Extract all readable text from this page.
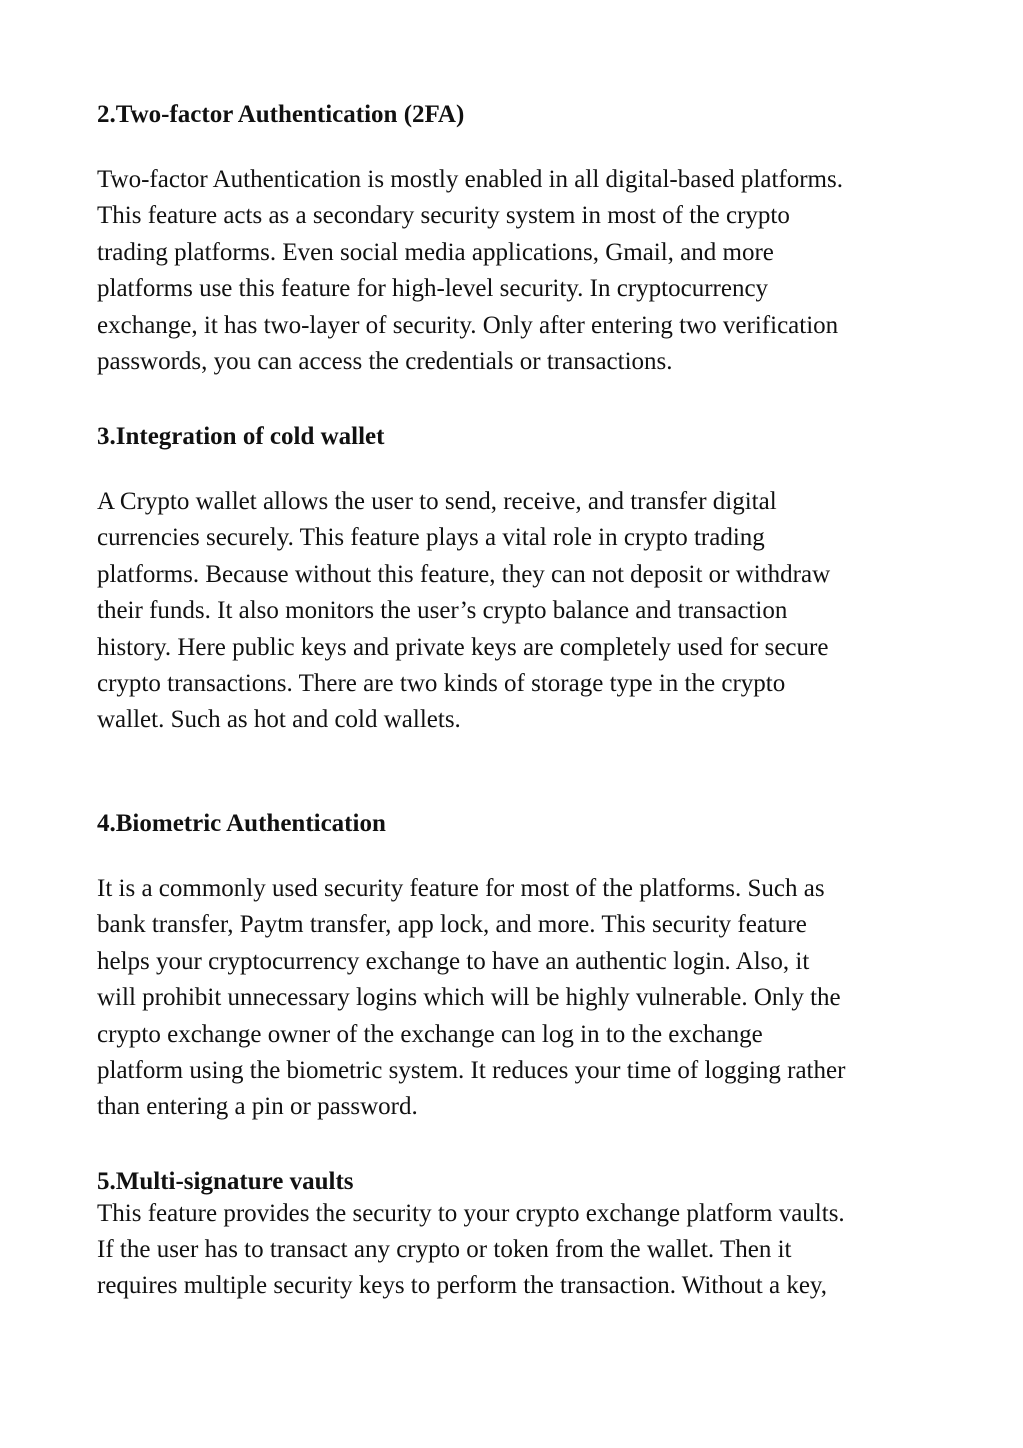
2.Two-factor Authentication (2FA)

Two-factor Authentication is mostly enabled in all digital-based platforms.
This feature acts as a secondary security system in most of the crypto
trading platforms. Even social media applications, Gmail, and more
platforms use this feature for high-level security. In cryptocurrency
exchange, it has two-layer of security. Only after entering two verification
passwords, you can access the credentials or transactions.

3.Integration of cold wallet

A Crypto wallet allows the user to send, receive, and transfer digital
currencies securely. This feature plays a vital role in crypto trading
platforms. Because without this feature, they can not deposit or withdraw
their funds. It also monitors the user’s crypto balance and transaction
history. Here public keys and private keys are completely used for secure
crypto transactions. There are two kinds of storage type in the crypto
wallet. Such as hot and cold wallets.

4.Biometric Authentication

It is a commonly used security feature for most of the platforms. Such as
bank transfer, Paytm transfer, app lock, and more. This security feature
helps your cryptocurrency exchange to have an authentic login. Also, it
will prohibit unnecessary logins which will be highly vulnerable. Only the
crypto exchange owner of the exchange can log in to the exchange
platform using the biometric system. It reduces your time of logging rather
than entering a pin or password.

5.Multi-signature vaults

This feature provides the security to your crypto exchange platform vaults.
If the user has to transact any crypto or token from the wallet. Then it
requires multiple security keys to perform the transaction. Without a key,
